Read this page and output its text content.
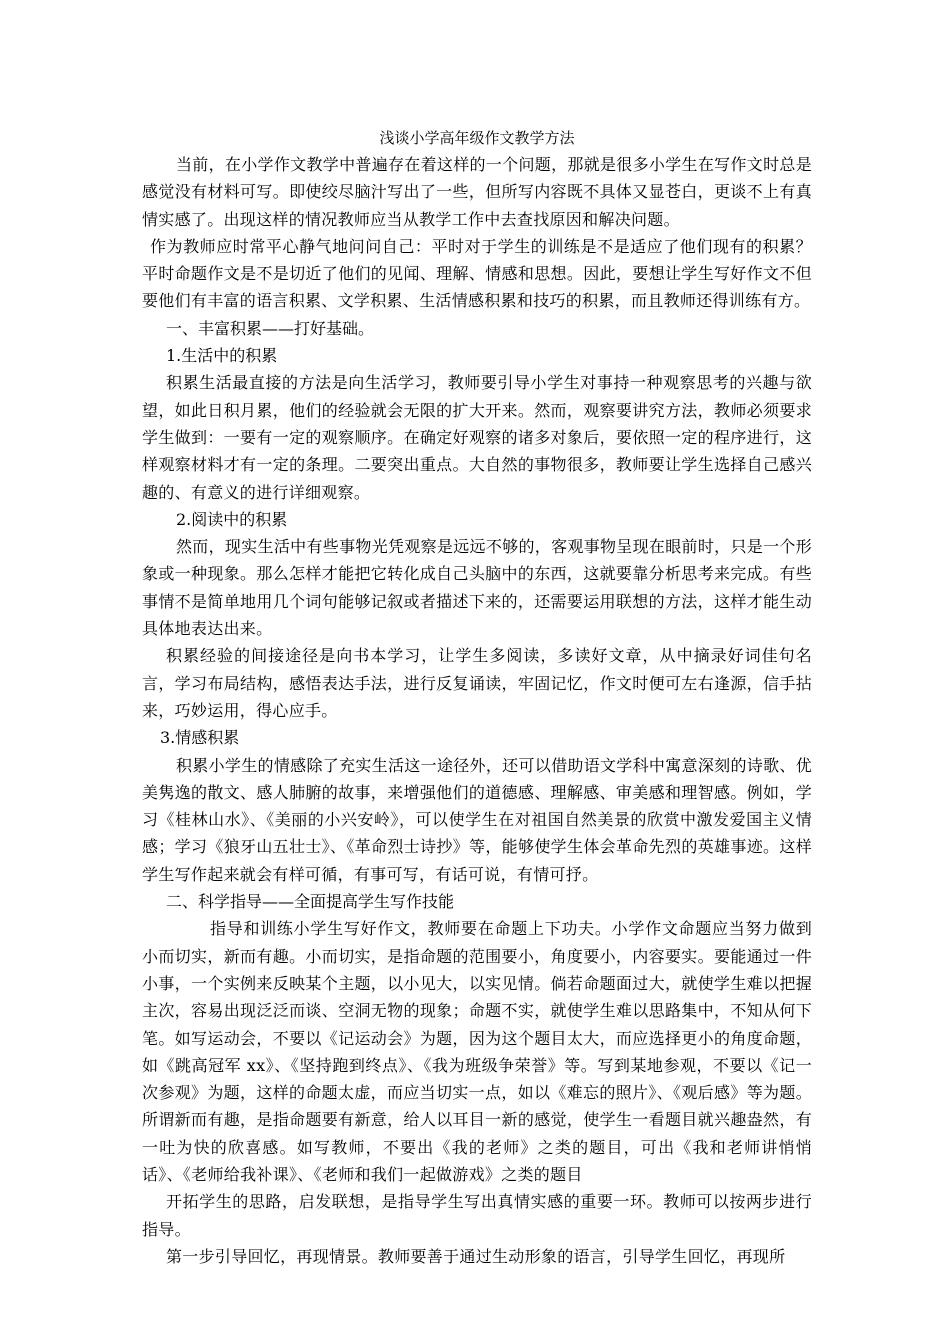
浅谈小学高年级作文教学方法

当前，在小学作文教学中普遍存在着这样的一个问题，那就是很多小学生在写作文时总是感觉没有材料可写。即使绞尽脑汁写出了一些，但所写内容既不具体又显苍白，更谈不上有真情实感了。出现这样的情况教师应当从教学工作中去查找原因和解决问题。

作为教师应时常平心静气地问问自己：平时对于学生的训练是不是适应了他们现有的积累？平时命题作文是不是切近了他们的见闻、理解、情感和思想。因此，要想让学生写好作文不但要他们有丰富的语言积累、文学积累、生活情感积累和技巧的积累，而且教师还得训练有方。

一、丰富积累——打好基础。

1.生活中的积累

积累生活最直接的方法是向生活学习，教师要引导小学生对事持一种观察思考的兴趣与欲望，如此日积月累，他们的经验就会无限的扩大开来。然而，观察要讲究方法，教师必须要求学生做到：一要有一定的观察顺序。在确定好观察的诸多对象后，要依照一定的程序进行，这样观察材料才有一定的条理。二要突出重点。大自然的事物很多，教师要让学生选择自己感兴趣的、有意义的进行详细观察。

2.阅读中的积累

然而，现实生活中有些事物光凭观察是远远不够的，客观事物呈现在眼前时，只是一个形象或一种现象。那么怎样才能把它转化成自己头脑中的东西，这就要靠分析思考来完成。有些事情不是简单地用几个词句能够记叙或者描述下来的，还需要运用联想的方法，这样才能生动具体地表达出来。

积累经验的间接途径是向书本学习，让学生多阅读，多读好文章，从中摘录好词佳句名言，学习布局结构，感悟表达手法，进行反复诵读，牢固记忆，作文时便可左右逢源，信手拈来，巧妙运用，得心应手。

3.情感积累

积累小学生的情感除了充实生活这一途径外，还可以借助语文学科中寓意深刻的诗歌、优美隽逸的散文、感人肺腑的故事，来增强他们的道德感、理解感、审美感和理智感。例如，学习《桂林山水》、《美丽的小兴安岭》，可以使学生在对祖国自然美景的欣赏中激发爱国主义情感；学习《狼牙山五壮士》、《革命烈士诗抄》等，能够使学生体会革命先烈的英雄事迹。这样学生写作起来就会有样可循，有事可写，有话可说，有情可抒。

二、科学指导——全面提高学生写作技能

指导和训练小学生写好作文，教师要在命题上下功夫。小学作文命题应当努力做到小而切实，新而有趣。小而切实，是指命题的范围要小，角度要小，内容要实。要能通过一件小事，一个实例来反映某个主题，以小见大，以实见情。倘若命题面过大，就使学生难以把握主次，容易出现泛泛而谈、空洞无物的现象；命题不实，就使学生难以思路集中，不知从何下笔。如写运动会，不要以《记运动会》为题，因为这个题目太大，而应选择更小的角度命题，如《跳高冠军 xx》、《坚持跑到终点》、《我为班级争荣誉》等。写到某地参观，不要以《记一次参观》为题，这样的命题太虚，而应当切实一点，如以《难忘的照片》、《观后感》等为题。所谓新而有趣，是指命题要有新意，给人以耳目一新的感觉，使学生一看题目就兴趣盎然，有一吐为快的欣喜感。如写教师，不要出《我的老师》之类的题目，可出《我和老师讲悄悄话》、《老师给我补课》、《老师和我们一起做游戏》之类的题目

开拓学生的思路，启发联想，是指导学生写出真情实感的重要一环。教师可以按两步进行指导。

第一步引导回忆，再现情景。教师要善于通过生动形象的语言，引导学生回忆，再现所
